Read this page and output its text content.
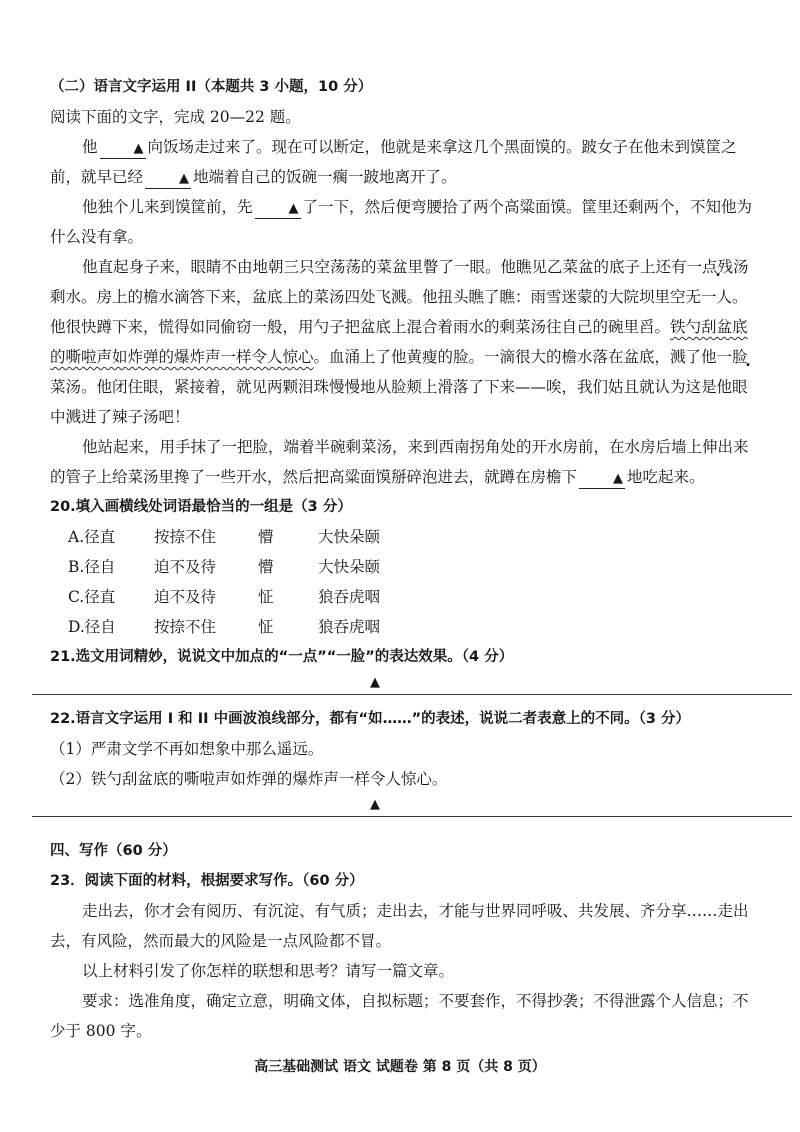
（二）语言文字运用 II（本题共 3 小题，10 分）

阅读下面的文字，完成 20—22 题。

他	▲ 向饭场走过来了。现在可以断定，他就是来拿这几个黑面馍的。跛女子在他未到馍筐之前，就早已经	▲ 地端着自己的饭碗一瘸一跛地离开了。

他独个儿来到馍筐前，先	▲ 了一下，然后便弯腰拾了两个高粱面馍。筐里还剩两个，不知他为什么没有拿。

他直起身子来，眼睛不由地朝三只空荡荡的菜盆里瞥了一眼。他瞧见乙菜盆的底子上还有一点残汤剩水。房上的檐水滴答下来，盆底上的菜汤四处飞溅。他扭头瞧了瞧：雨雪迷蒙的大院坝里空无一人。他很快蹲下来，慌得如同偷窃一般，用勺子把盆底上混合着雨水的剩菜汤往自己的碗里舀。铁勺刮盆底的嘶啦声如炸弹的爆炸声一样令人惊心。血涌上了他黄瘦的脸。一滴很大的檐水落在盆底，溅了他一脸菜汤。他闭住眼，紧接着，就见两颗泪珠慢慢地从脸颊上滑落了下来——唉，我们姑且就认为这是他眼中溅进了辣子汤吧！

他站起来，用手抹了一把脸，端着半碗剩菜汤，来到西南拐角处的开水房前，在水房后墙上伸出来的管子上给菜汤里搀了一些开水，然后把高粱面馍掰碎泡进去，就蹲在房檐下	▲ 地吃起来。

20.填入画横线处词语最恰当的一组是（3 分）

A.径直	按捺不住	懵	大快朵颐
B.径自	迫不及待	懵	大快朵颐
C.径直	迫不及待	怔	狼吞虎咽
D.径自	按捺不住	怔	狼吞虎咽

21.选文用词精妙，说说文中加点的“一点”“一脸”的表达效果。（4 分）

▲

22.语言文字运用 I 和 II 中画波浪线部分，都有“如……”的表述，说说二者表意上的不同。（3 分）

（1）严肃文学不再如想象中那么遥远。

（2）铁勺刮盆底的嘶啦声如炸弹的爆炸声一样令人惊心。

▲

四、写作（60 分）

23．阅读下面的材料，根据要求写作。（60 分）

走出去，你才会有阅历、有沉淀、有气质；走出去，才能与世界同呼吸、共发展、齐分享……走出去，有风险，然而最大的风险是一点风险都不冒。

以上材料引发了你怎样的联想和思考？请写一篇文章。

要求：选准角度，确定立意，明确文体，自拟标题；不要套作，不得抄袭；不得泄露个人信息；不少于 800 字。

高三基础测试 语文 试题卷 第 8 页（共 8 页）
